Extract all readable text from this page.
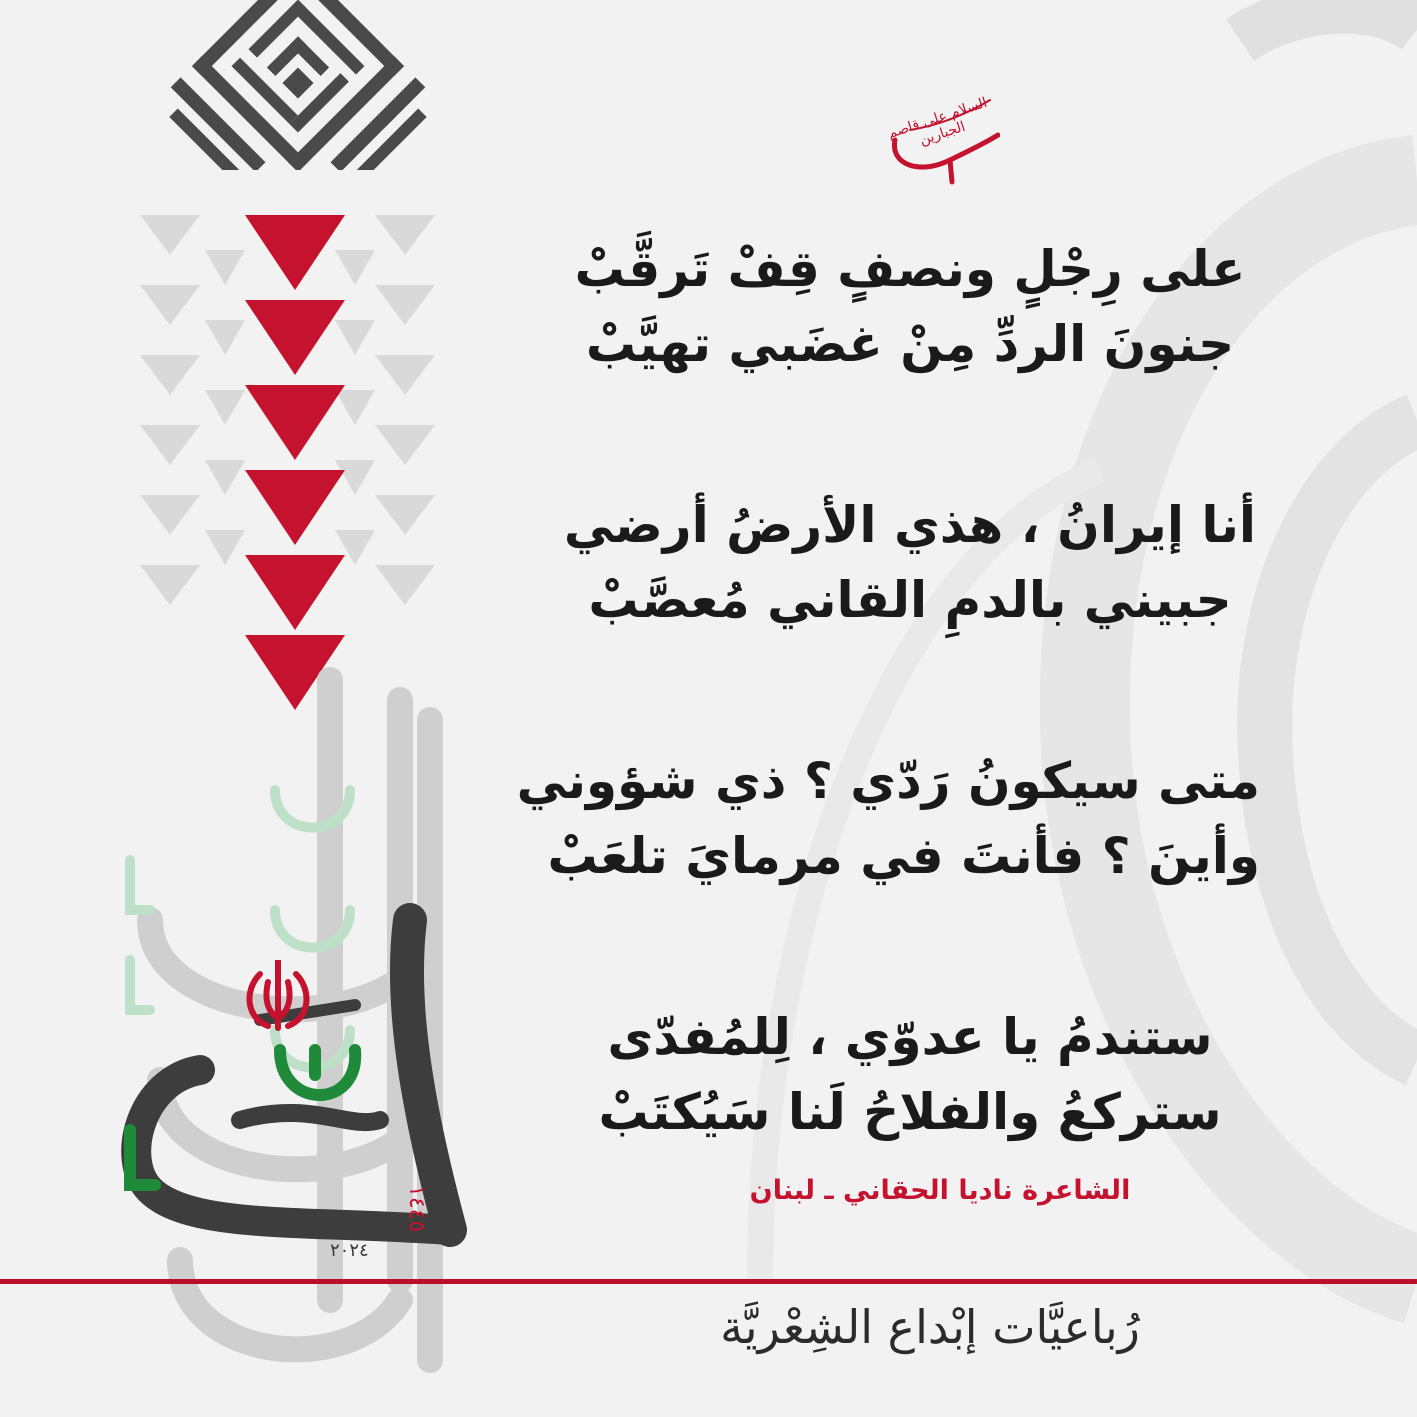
٢٠٢٤
١٤٤٥
السلام على قاصم الجبارين
على رِجْلٍ ونصفٍ قِفْ تَرقَّبْ
جنونَ الردِّ مِنْ غضَبي تهيَّبْ
أنا إيرانُ ، هذي الأرضُ أرضي
جبيني بالدمِ القاني مُعصَّبْ
متى سيكونُ رَدّي ؟ ذي شؤوني
وأينَ ؟ فأنتَ في مرمايَ تلعَبْ
ستندمُ يا عدوّي ، لِلمُفدّى
ستركعُ والفلاحُ لَنا سَيُكتَبْ
الشاعرة ناديا الحقاني ـ لبنان
رُباعيَّات إبْداع الشِعْريَّة
